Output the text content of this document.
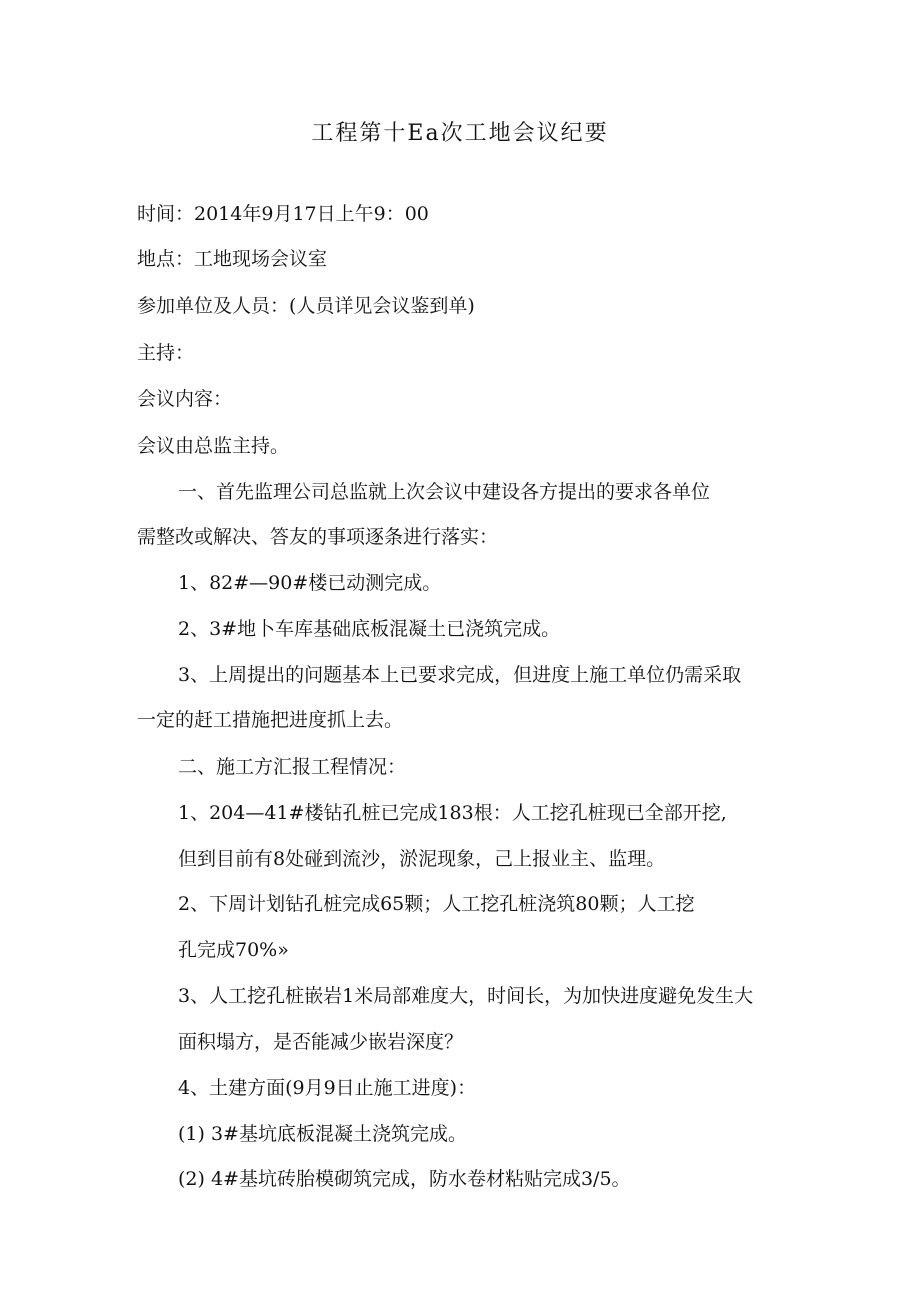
工程第十Ea次工地会议纪要
时间：2014年9月17日上午9：00
地点：工地现场会议室
参加单位及人员：(人员详见会议鉴到单)
主持：
会议内容：
会议由总监主持。
一、首先监理公司总监就上次会议中建设各方提出的要求各单位
需整改或解决、答友的事项逐条进行落实：
1、82#—90#楼已动测完成。
2、3#地卜车库基础底板混凝土已浇筑完成。
3、上周提出的问题基本上已要求完成，但进度上施工单位仍需采取
一定的赶工措施把进度抓上去。
二、施工方汇报工程情况：
1、204—41#楼钻孔桩已完成183根：人工挖孔桩现已全部开挖,
但到目前有8处碰到流沙，淤泥现象，己上报业主、监理。
2、下周计划钻孔桩完成65颗；人工挖孔桩浇筑80颗；人工挖
孔完成70%»
3、人工挖孔桩嵌岩1米局部难度大，时间长，为加快进度避免发生大
面积塌方，是否能减少嵌岩深度？
4、土建方面(9月9日止施工进度)：
(1) 3#基坑底板混凝土浇筑完成。
(2) 4#基坑砖胎模砌筑完成，防水卷材粘贴完成3/5。
